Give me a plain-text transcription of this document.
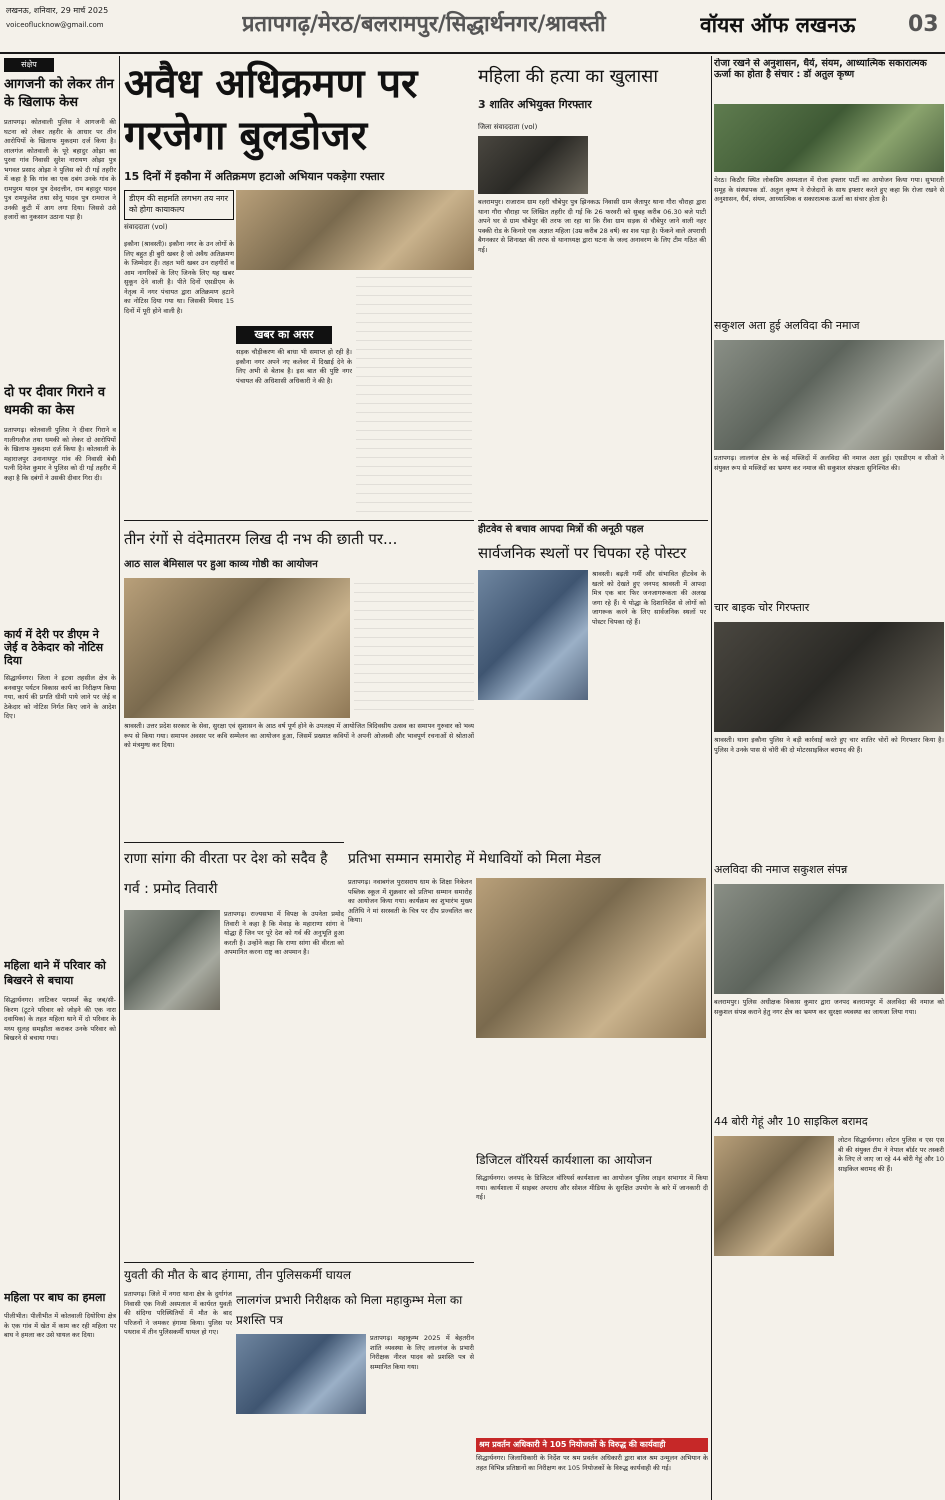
लखनऊ, शनिवार, 29 मार्च 2025
voiceoflucknow@gmail.com	प्रतापगढ़/मेरठ/बलरामपुर/सिद्धार्थनगर/श्रावस्ती	वॉयस ऑफ लखनऊ	03
संक्षेप
आगजनी को लेकर तीन के खिलाफ केस
प्रतापगढ़। कोतवाली पुलिस ने आगजनी की घटना को लेकर तहरीर के आधार पर तीन आरोपियों के खिलाफ मुकदमा दर्ज किया है। लालगंज कोतवाली के पूरे बहादुर ओझा का पुरवा गांव निवासी सुरेश नारायण ओझा पुत्र भगवत प्रसाद ओझा ने पुलिस को दी गई तहरीर में कहा है कि गांव का एक दबंग उनके गांव के रामपुरम यादव पुत्र देवदत्तीन, राम बहादुर यादव पुत्र रामफूलेश तथा सोनू यादव पुत्र रामराज ने उनकी कुटी में आग लगा दिया। जिससे उसे हजारों का नुकसान उठाना पड़ा है।
दो पर दीवार गिराने व धमकी का केस
प्रतापगढ़। कोतवाली पुलिस ने दीवार गिराने व गालीगलौज तथा धमकी को लेकर दो आरोपियों के खिलाफ मुकदमा दर्ज किया है। कोतवाली के महाराजपुर उनानाथपुर गांव की निवासी बेबी पत्नी दिनेश कुमार ने पुलिस को दी गई तहरीर में कहा है कि दबंगों ने उसकी दीवार गिरा दी।
कार्य में देरी पर डीएम ने जेई व ठेकेदार को नोटिस दिया
सिद्धार्थनगर। जिला ने इटवा तहसील क्षेत्र के बनवापुर पर्यटन विकास कार्य का निरीक्षण किया गया, कार्य की प्रगति धीमी पाये जाने पर जेई व ठेकेदार को नोटिस निर्गत किए जाने के आदेश दिए।
महिला थाने में परिवार को बिखरने से बचाया
सिद्धार्थनगर। लाटिकर परामर्श केंद्र जब/सी-किरण (टूटने परिवार को जोड़ने की एक नारा दवायिक) के तहत महिला थाने में दो परिवार के मध्य सुलह समझौता कराकर उनके परिवार को बिखरने से बचाया गया।
महिला पर बाघ का हमला
पीलीभीत। पीलीभीत में कोतवाली दियोरिया क्षेत्र के एक गांव में खेत में काम कर रही महिला पर बाघ ने हमला कर उसे घायल कर दिया।
अवैध अधिक्रमण पर गरजेगा बुलडोजर
15 दिनों में इकौना में अतिक्रमण हटाओ अभियान पकड़ेगा रफ्तार
डीएम की सहमति लगभग तय नगर को होगा कायाकल्प
संवाददाता (vol)
इकौना (श्रावस्ती)। इकौना नगर के उन लोगों के लिए बहुत ही बुरी खबर है जो अवैध अतिक्रमण के जिम्मेदार हैं। तहत भरी खबर उन राहगीरों व आम नागरिकों के लिए जिनके लिए यह खबर सुकून देने वाली है। पीते दिनों एसडीएम के नेतृत्व में नगर पंचायत द्वारा अतिक्रमण हटाने का नोटिस दिया गया था। जिसकी मियाद 15 दिनों में पूरी होने वाली है।
खबर का असर
सड़क चौड़ीकरण की बाधा भी समाप्त हो रही है। इकौना नगर अपने नए कलेवर में दिखाई देने के लिए अभी से बेताब है। इस बात की पुष्टि नगर पंचायत की अधिशासी अधिकारी ने की है।
महिला की हत्या का खुलासा
3 शातिर अभियुक्त गिरफ्तार
जिला संवाददाता (vol)
बलरामपुर। राजाराम ग्राम रहरी चौबेपुर पुत्र झिनकऊ निवासी ग्राम जैतापुर थाना गौरा चौराहा द्वारा थाना गौरा चौराहा पर लिखित तहरीर दी गई कि 26 फरवरी को सुबह करीब 06.30 बजे पाटी अपने घर से ग्राम चौबेपुर की तरफ जा रहा था कि रीवा ग्राम सड़क से चौबेपुर जाने वाली नहर पक्की रोड के किनारे एक अज्ञात महिला (उम्र करीब 28 वर्ष) का शव पड़ा है। फेंकने वाले अपराधी बैगनकार से शिनाख्त की तरफ से थानाध्यक्ष द्वारा घटना के जल्द अनावरण के लिए टीम गठित की गई।
हीटवेव से बचाव आपदा मित्रों की अनूठी पहल
सार्वजनिक स्थलों पर चिपका रहे पोस्टर
श्रावस्ती। बढ़ती गर्मी और संभावित हीटवेव के खतरे को देखते हुए जनपद श्रावस्ती में आपदा मित्र एक बार फिर जनजागरूकता की अलख जगा रहे हैं। ये योद्धा के दिशानिर्देश से लोगों को जागरूक करने के लिए सार्वजनिक स्थलों पर पोस्टर चिपका रहे हैं।
तीन रंगों से वंदेमातरम लिख दी नभ की छाती पर...
आठ साल बेमिसाल पर हुआ काव्य गोष्ठी का आयोजन
श्रावस्ती। उत्तर प्रदेश सरकार के सेवा, सुरक्षा एवं सुशासन के आठ वर्ष पूर्ण होने के उपलक्ष्य में आयोजित त्रिदिवसीय उत्सव का समापन गुरुवार को भव्य रूप से किया गया। समापन अवसर पर कवि सम्मेलन का आयोजन हुआ, जिसमें प्रख्यात कवियों ने अपनी ओजस्वी और भावपूर्ण रचनाओं से श्रोताओं को मंत्रमुग्ध कर दिया।
राणा सांगा की वीरता पर देश को सदैव है गर्व : प्रमोद तिवारी
प्रतापगढ़। राज्यसभा में विपक्ष के उपनेता प्रमोद तिवारी ने कहा है कि मेवाड़ के महाराणा सांगा वे योद्धा हैं जिन पर पूरे देश को गर्व की अनुभूति हुआ करती है। उन्होंने कहा कि राणा सांगा की वीरता को अपमानित करना राष्ट्र का अपमान है।
प्रतिभा सम्मान समारोह में मेधावियों को मिला मेडल
प्रतापगढ़। नवाबगंज पुरासराय धाम के शिक्षा निकेतन पब्लिक स्कूल में शुक्रवार को प्रतिभा सम्मान समारोह का आयोजन किया गया। कार्यक्रम का शुभारंभ मुख्य अतिथि ने मां सरस्वती के चित्र पर दीप प्रज्वलित कर किया।
डिजिटल वॉरियर्स कार्यशाला का आयोजन
सिद्धार्थनगर। जनपद के डिजिटल वॉरियर्स कार्यशाला का आयोजन पुलिस लाइन सभागार में किया गया। कार्यशाला में साइबर अपराध और सोशल मीडिया के सुरक्षित उपयोग के बारे में जानकारी दी गई।
श्रम प्रवर्तन अधिकारी ने 105 नियोजकों के विरुद्ध की कार्यवाही
सिद्धार्थनगर। जिलाधिकारी के निर्देश पर श्रम प्रवर्तन अधिकारी द्वारा बाल श्रम उन्मूलन अभियान के तहत विभिन्न प्रतिष्ठानों का निरीक्षण कर 105 नियोजकों के विरुद्ध कार्यवाही की गई।
युवती की मौत के बाद हंगामा, तीन पुलिसकर्मी घायल
प्रतापगढ़। जिले में नगरा थाना क्षेत्र के दुर्गागंज निवासी एक निजी अस्पताल में कार्यरत युवती की संदिग्ध परिस्थितियों में मौत के बाद परिजनों ने जमकर हंगामा किया। पुलिस पर पथराव में तीन पुलिसकर्मी घायल हो गए।
लालगंज प्रभारी निरीक्षक को मिला महाकुम्भ मेला का प्रशस्ति पत्र
प्रतापगढ़। महाकुम्भ 2025 में बेहतरीन शांति व्यवस्था के लिए लालगंज के प्रभारी निरीक्षक नीरज यादव को प्रशस्ति पत्र से सम्मानित किया गया।
रोजा रखने से अनुशासन, धैर्य, संयम, आध्यात्मिक सकारात्मक ऊर्जा का होता है संचार : डॉ अतुल कृष्ण
मेरठ। किठौर स्थित लोकप्रिय अस्पताल में रोजा इफ्तार पार्टी का आयोजन किया गया। सुभारती समूह के संस्थापक डॉ. अतुल कृष्ण ने रोजेदारों के साथ इफ्तार करते हुए कहा कि रोजा रखने से अनुशासन, धैर्य, संयम, आध्यात्मिक व सकारात्मक ऊर्जा का संचार होता है।
सकुशल अता हुई अलविदा की नमाज
प्रतापगढ़। लालगंज क्षेत्र के कई मस्जिदों में अलविदा की नमाज अता हुई। एसडीएम व सीओ ने संयुक्त रूप से मस्जिदों का भ्रमण कर नमाज की सकुशल संपन्नता सुनिश्चित की।
चार बाइक चोर गिरफ्तार
श्रावस्ती। थाना इकौना पुलिस ने बड़ी कार्रवाई करते हुए चार शातिर चोरों को गिरफ्तार किया है। पुलिस ने उनके पास से चोरी की दो मोटरसाइकिल बरामद की हैं।
अलविदा की नमाज सकुशल संपन्न
बलरामपुर। पुलिस अधीक्षक विकास कुमार द्वारा जनपद बलरामपुर में अलविदा की नमाज को सकुशल संपन्न कराने हेतु नगर क्षेत्र का भ्रमण कर सुरक्षा व्यवस्था का जायजा लिया गया।
44 बोरी गेहूं और 10 साइकिल बरामद
लोटन सिद्धार्थनगर। लोटन पुलिस व एस एस बी की संयुक्त टीम ने नेपाल बॉर्डर पर तस्करी के लिए ले जाए जा रहे 44 बोरी गेहूं और 10 साइकिल बरामद की हैं।
